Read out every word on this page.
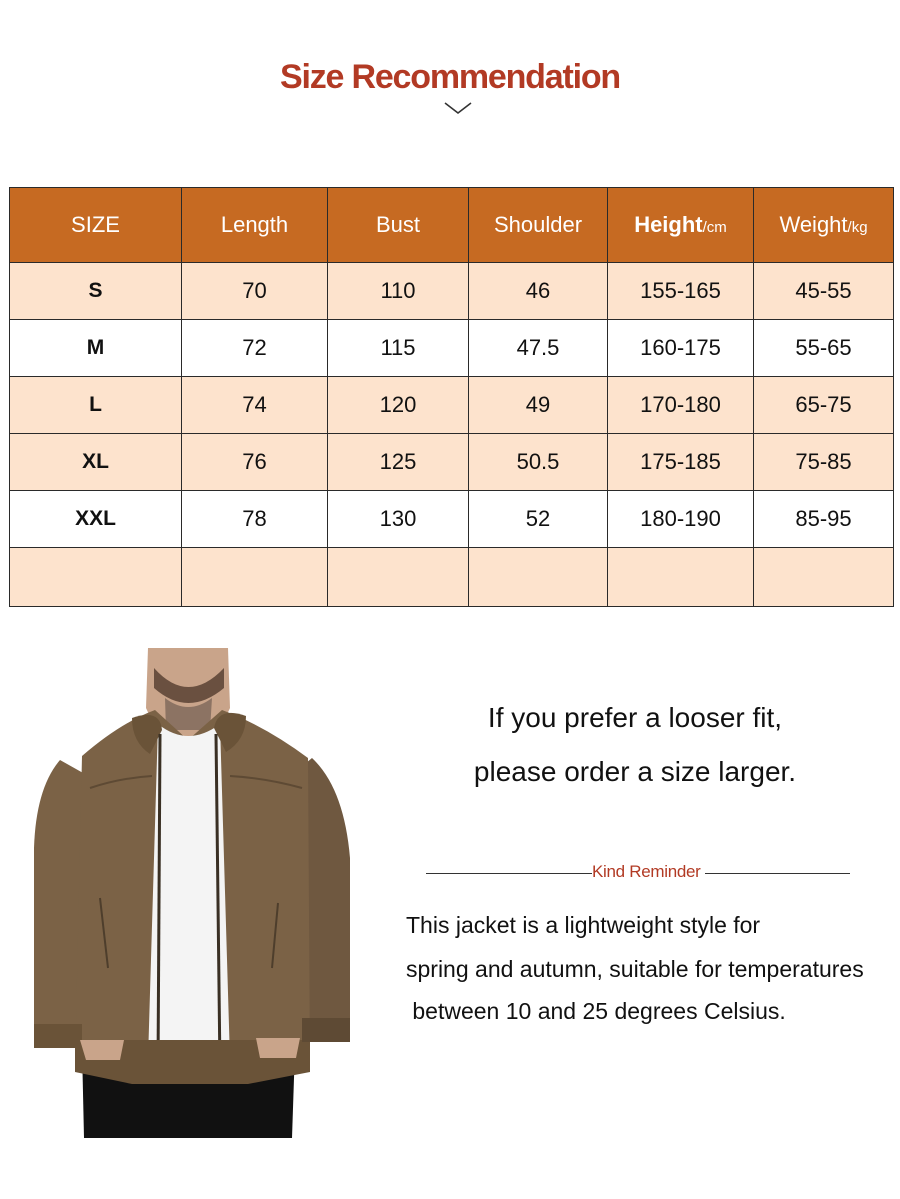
Size Recommendation
SIZE	Length	Bust	Shoulder	Height/cm	Weight/kg
S	70	110	46	155-165	45-55
M	72	115	47.5	160-175	55-65
L	74	120	49	170-180	65-75
XL	76	125	50.5	175-185	75-85
XXL	78	130	52	180-190	85-95

If you prefer a looser fit,
please order a size larger.
Kind Reminder
This jacket is a lightweight style for
spring and autumn, suitable for temperatures
between 10 and 25 degrees Celsius.
